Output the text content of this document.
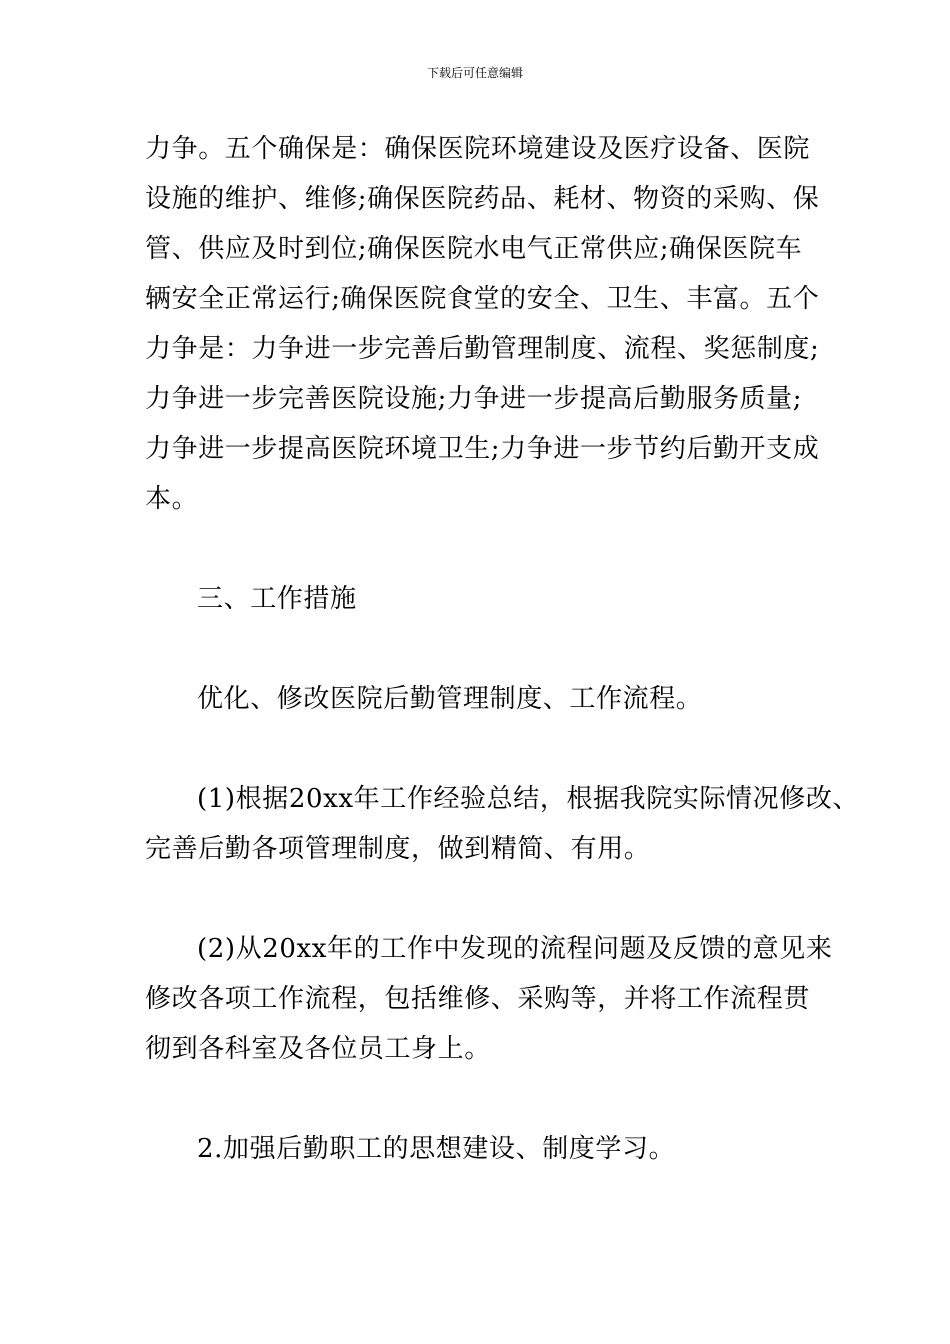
下载后可任意编辑
力争。五个确保是：确保医院环境建设及医疗设备、医院
设施的维护、维修;确保医院药品、耗材、物资的采购、保
管、供应及时到位;确保医院水电气正常供应;确保医院车
辆安全正常运行;确保医院食堂的安全、卫生、丰富。五个
力争是：力争进一步完善后勤管理制度、流程、奖惩制度;
力争进一步完善医院设施;力争进一步提高后勤服务质量;
力争进一步提高医院环境卫生;力争进一步节约后勤开支成
本。
三、工作措施
优化、修改医院后勤管理制度、工作流程。
(1)根据20xx年工作经验总结，根据我院实际情况修改、
完善后勤各项管理制度，做到精简、有用。
(2)从20xx年的工作中发现的流程问题及反馈的意见来
修改各项工作流程，包括维修、采购等，并将工作流程贯
彻到各科室及各位员工身上。
2.加强后勤职工的思想建设、制度学习。
